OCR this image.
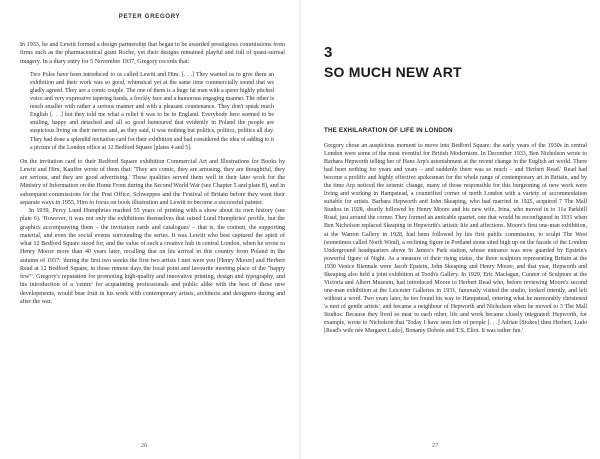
PETER GREGORY

In 1933, he and Lewitt formed a design partnership that began to be awarded prestigious commissions from firms such as the pharmaceutical giant Roche, yet their designs remained playful and full of quasi-surreal imagery. In a diary entry for 5 November 1937, Gregory records that:

Two Poles have been introduced to us called Lewitt and Him. [. . .] They wanted us to give them an exhibition and their work was so good, whimsical yet at the same time commercially sound that we gladly agreed. They are a comic couple. The one of them is a huge fat man with a queer highly pitched voice and very expressive tapering hands, a freckly face and a humorous engaging manner. The other is much smaller with rather a serious manner and with a pleasant countenance. They don't speak much English [. . .] but they told me what a relief it was to be in England. Everybody here seemed to be smiling, happy and detached and all so good humoured that evidently in Poland the people are suspicious living on their nerves and, as they said, it was nothing but politics, politics, politics all day. They had done a splendid invitation card for their exhibition and had considered the idea of adding to it a picture of the London office at 12 Bedford Square [plates 4 and 5].

On the invitation card to their Bedford Square exhibition Commercial Art and Illustrations for Books by Lewitt and Him, Kauffer wrote of them that: 'They are comic, they are amusing, they are thoughtful, they are serious, and they are good advertising.' These qualities served them well in their later work for the Ministry of Information on the Home Front during the Second World War (see Chapter 5 and plate 8), and in subsequent commissions for the Post Office, Schweppes and the Festival of Britain before they went their separate ways in 1955, Him to focus on book illustration and Lewitt to become a successful painter.

In 1939, Percy Lund Humphries marked 55 years of printing with a show about its own history (see plate 6). 'However, it was not only the exhibitions themselves that raised Lund Humphries' profile, but the graphics accompanying them – the invitation cards and catalogues' – that is, the content, the supporting material, and even the social events surrounding the series. It was Lewitt who best captured the spirit of what 12 Bedford Square stood for, and the value of such a creative hub in central London, when he wrote to Henry Moore more than 40 years later, recalling that on his arrival in this country from Poland in the autumn of 1937: 'during the first two weeks the first two artists I met were you [Henry Moore] and Herbert Read at 12 Bedford Square, in those remote days the focal point and favourite meeting place of the "happy few"'. Gregory's reputation for promoting high-quality and innovative printing, design and typography, and his introduction of a 'centre' for acquainting professionals and public alike with the best of these new developments, would bear fruit in his work with contemporary artists, architects and designers during and after the war.

26
3
SO MUCH NEW ART
THE EXHILARATION OF LIFE IN LONDON

Gregory chose an auspicious moment to move into Bedford Square: the early years of the 1930s in central London were some of the most eventful for British Modernism. In December 1933, Ben Nicholson wrote to Barbara Hepworth telling her of Hans Arp's astonishment at the recent change in the English art world. There had been nothing for years and years – and suddenly there was so much – and Herbert Read.' Read had become a prolific and highly effective spokesman for the whole range of contemporary art in Britain, and by the time Arp noticed the seismic change, many of those responsible for this burgeoning of new work were living and working in Hampstead, a countrified corner of north London with a variety of accommodation suitable for artists. Barbara Hepworth and John Skeaping, who had married in 1925, acquired 7 The Mall Studios in 1928, shortly followed by Henry Moore and his new wife, Irina, who moved in to 11a Parkhill Road, just around the corner. They formed an amicable quartet, one that would be reconfigured in 1931 when Ben Nicholson replaced Skeaping in Hepworth's artistic life and affections. Moore's first one-man exhibition, at the Warren Gallery in 1928, had been followed by his first public commission, to sculpt The West (sometimes called North Wind), a reclining figure in Portland stone sited high up on the facade of the London Underground headquarters above St James's Park station, whose entrance was now guarded by Epstein's powerful figure of Night. As a measure of their rising status, the three sculptors representing Britain at the 1930 Venice Biennale were Jacob Epstein, John Skeaping and Henry Moore, and that year, Hepworth and Skeaping also held a joint exhibition at Tooth's Gallery. In 1929, Eric Maclagan, Curator of Sculpture at the Victoria and Albert Museum, had introduced Moore to Herbert Read who, before reviewing Moore's second one-man exhibition at the Leicester Galleries in 1931, famously visited the studio, looked intently, and left without a word. Two years later, he too found his way to Hampstead, entering what he memorably christened 'a nest of gentle artists', and became a neighbour of Hepworth and Nicholson when he moved to 3 The Mall Studios. Because they lived so near to each other, life and work became closely integrated: Hepworth, for example, wrote to Nicholson that 'Today I have seen lots of people [. . .] Adrian [Stokes] then Herbert, Ludo [Read's wife née Margaret Ludo], Bonamy Dobrée and T.S. Eliot. It was rather fun.'

27
